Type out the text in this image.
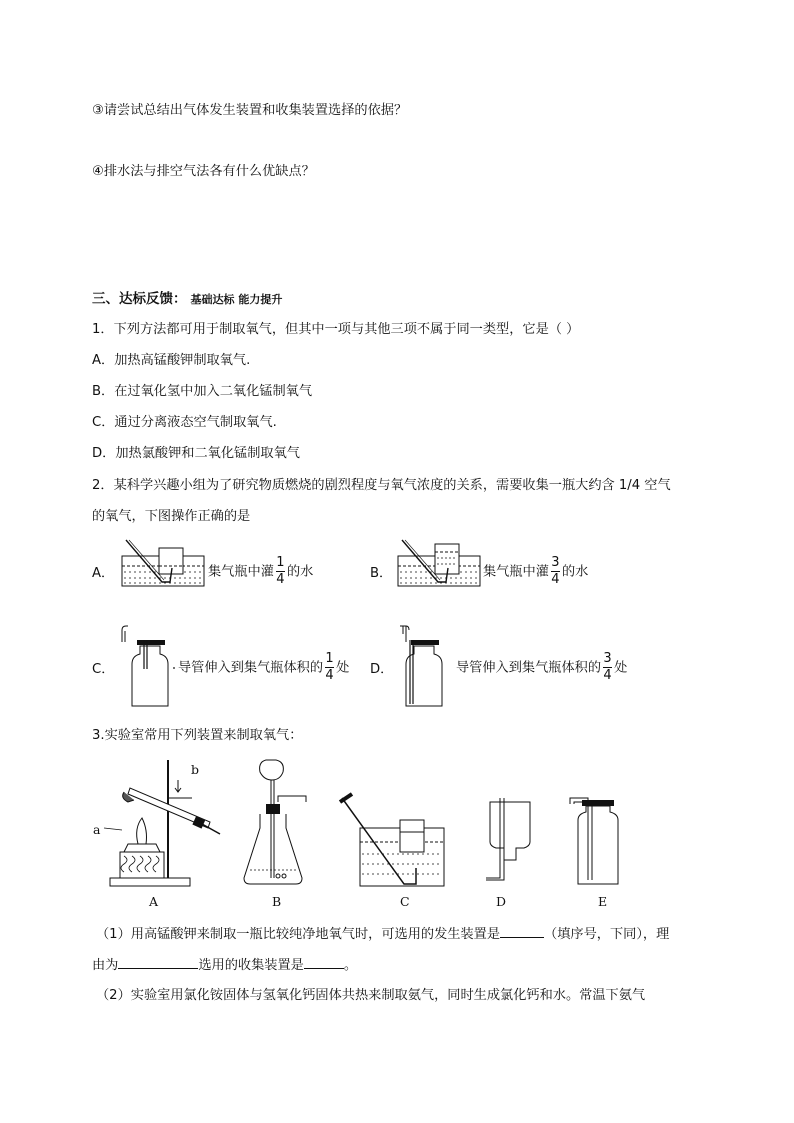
③请尝试总结出气体发生装置和收集装置选择的依据？
④排水法与排空气法各有什么优缺点？
三、达标反馈： 基础达标 能力提升
1．下列方法都可用于制取氧气，但其中一项与其他三项不属于同一类型，它是（ ）
A．加热高锰酸钾制取氧气.
B．在过氧化氢中加入二氧化锰制氧气
C．通过分离液态空气制取氧气.
D．加热氯酸钾和二氧化锰制取氧气
2．某科学兴趣小组为了研究物质燃烧的剧烈程度与氧气浓度的关系，需要收集一瓶大约含 1/4 空气
的氧气，下图操作正确的是
A．	集气瓶中灌 $\frac{1}{4}$ 的水	B．	集气瓶中灌 $\frac{3}{4}$ 的水
C．	导管伸入到集气瓶体积的 $\frac{1}{4}$ 处 D．	导管伸入到集气瓶体积的 $\frac{3}{4}$ 处
3.实验室常用下列装置来制取氧气：
b
a
A	B	C	D	E
（1）用高锰酸钾来制取一瓶比较纯净地氧气时，可选用的发生装置是	（填序号，下同），理
由为	选用的收集装置是	。
（2）实验室用氯化铵固体与氢氧化钙固体共热来制取氨气，同时生成氯化钙和水。常温下氨气
